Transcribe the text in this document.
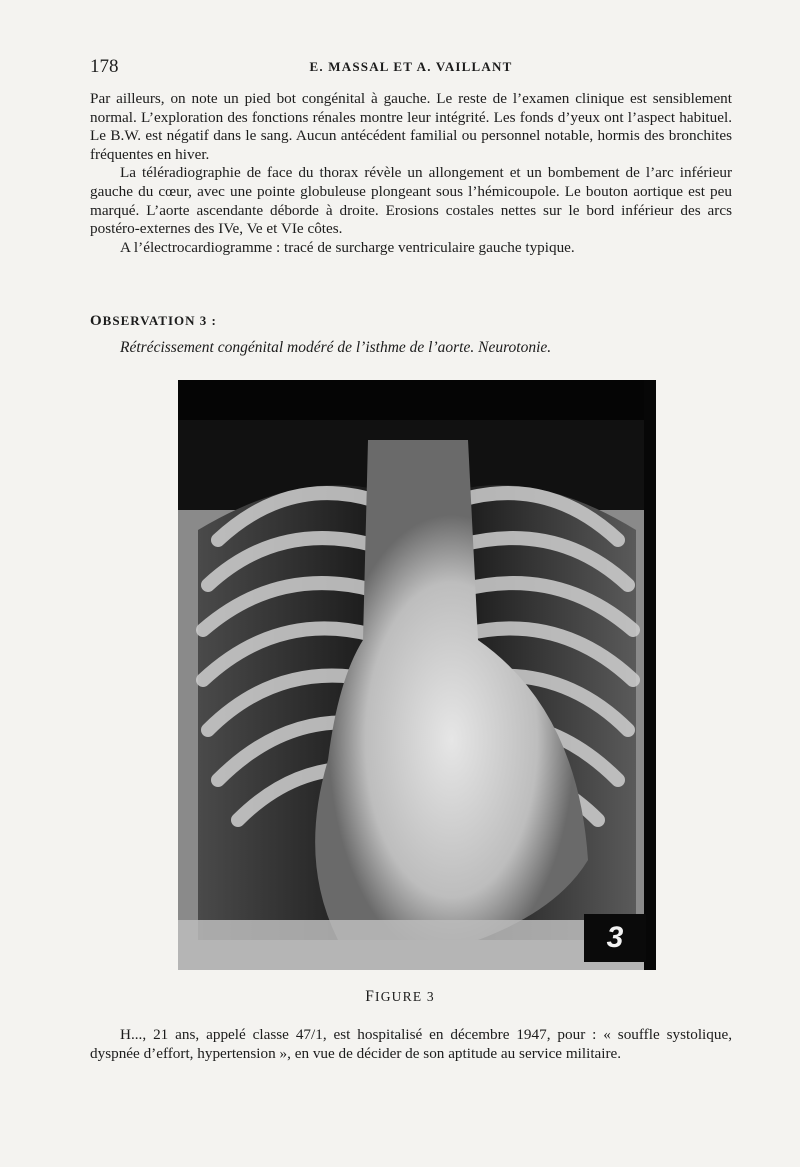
178	E. MASSAL ET A. VAILLANT

Par ailleurs, on note un pied bot congénital à gauche. Le reste de l’examen clinique est sensiblement normal. L’exploration des fonctions rénales montre leur intégrité. Les fonds d’yeux ont l’aspect habituel. Le B.W. est négatif dans le sang. Aucun antécédent familial ou personnel notable, hormis des bronchites fréquentes en hiver.

La téléradiographie de face du thorax révèle un allongement et un bombement de l’arc inférieur gauche du cœur, avec une pointe globuleuse plongeant sous l’hémicoupole. Le bouton aortique est peu marqué. L’aorte ascendante déborde à droite. Erosions costales nettes sur le bord inférieur des arcs postéro-externes des IVe, Ve et VIe côtes.

A l’électrocardiogramme : tracé de surcharge ventriculaire gauche typique.

OBSERVATION 3 :
Rétrécissement congénital modéré de l’isthme de l’aorte. Neurotonie.
3
FIGURE 3

H..., 21 ans, appelé classe 47/1, est hospitalisé en décembre 1947, pour : « souffle systolique, dyspnée d’effort, hypertension », en vue de décider de son aptitude au service militaire.
